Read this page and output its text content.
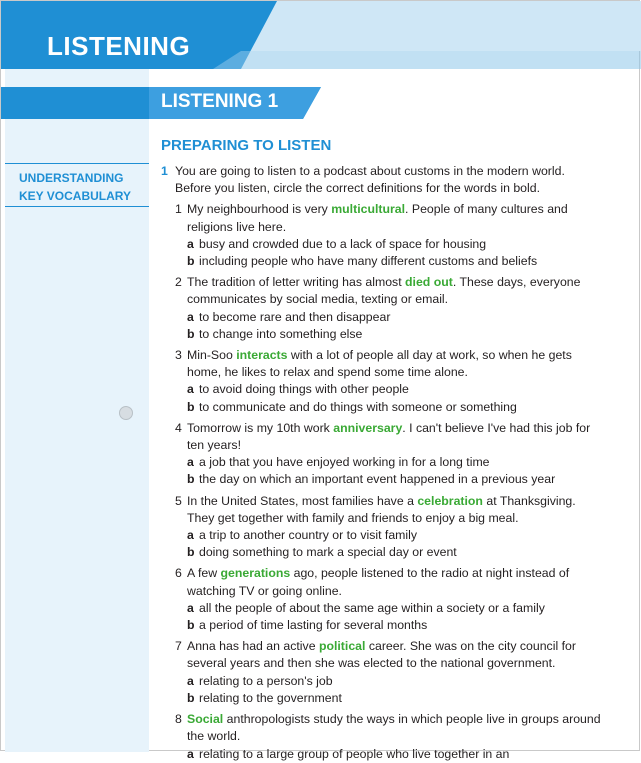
LISTENING
LISTENING 1
PREPARING TO LISTEN
UNDERSTANDING
KEY VOCABULARY
1 You are going to listen to a podcast about customs in the modern world. Before you listen, circle the correct definitions for the words in bold.
1 My neighbourhood is very multicultural. People of many cultures and religions live here.
a busy and crowded due to a lack of space for housing
b including people who have many different customs and beliefs
2 The tradition of letter writing has almost died out. These days, everyone communicates by social media, texting or email.
a to become rare and then disappear
b to change into something else
3 Min-Soo interacts with a lot of people all day at work, so when he gets home, he likes to relax and spend some time alone.
a to avoid doing things with other people
b to communicate and do things with someone or something
4 Tomorrow is my 10th work anniversary. I can't believe I've had this job for ten years!
a a job that you have enjoyed working in for a long time
b the day on which an important event happened in a previous year
5 In the United States, most families have a celebration at Thanksgiving. They get together with family and friends to enjoy a big meal.
a a trip to another country or to visit family
b doing something to mark a special day or event
6 A few generations ago, people listened to the radio at night instead of watching TV or going online.
a all the people of about the same age within a society or a family
b a period of time lasting for several months
7 Anna has had an active political career. She was on the city council for several years and then she was elected to the national government.
a relating to a person's job
b relating to the government
8 Social anthropologists study the ways in which people live in groups around the world.
a relating to a large group of people who live together in an
